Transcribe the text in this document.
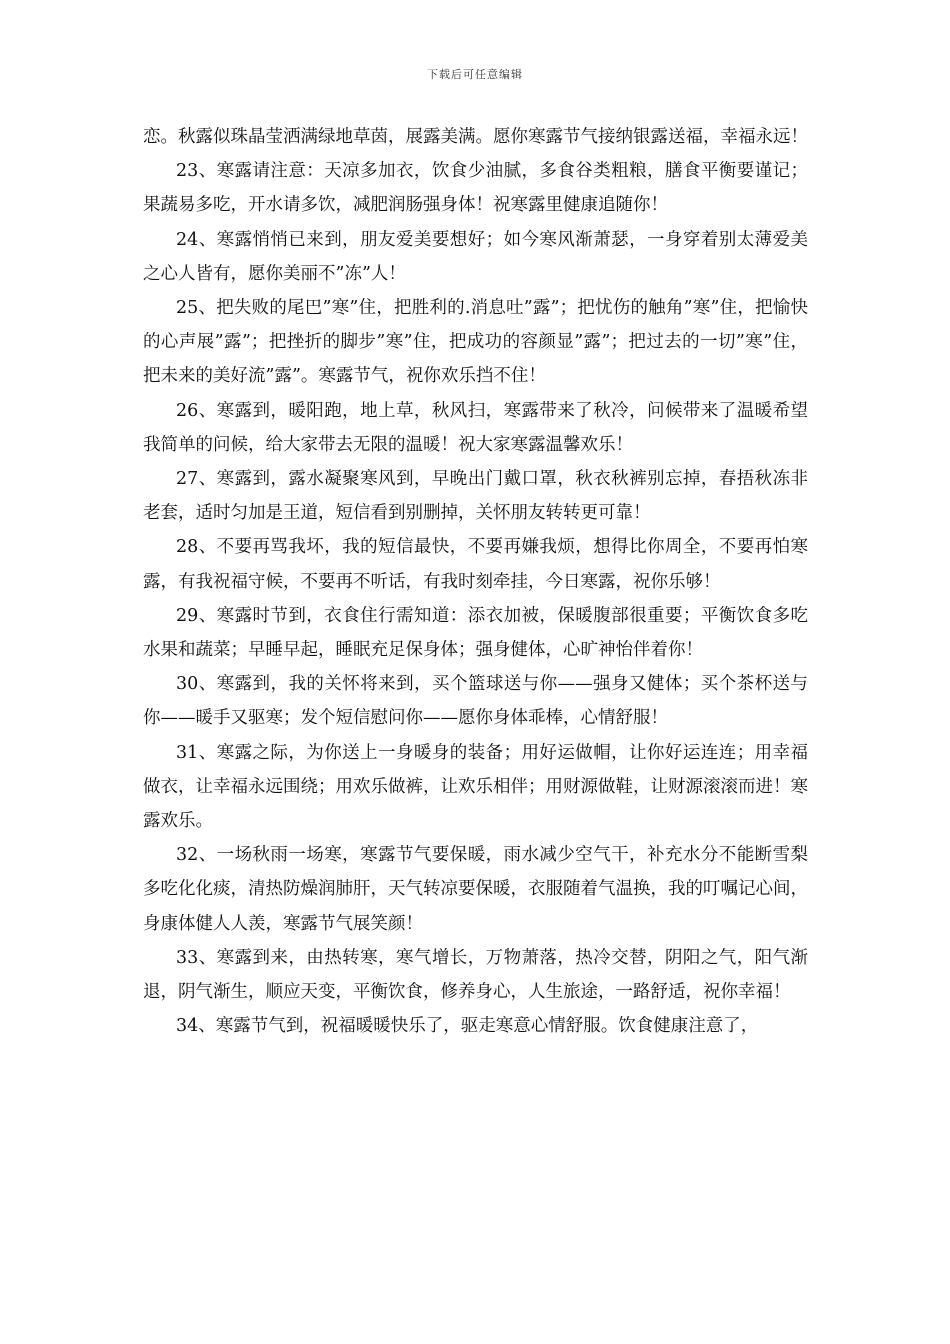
下载后可任意编辑

恋。秋露似珠晶莹洒满绿地草茵，展露美满。愿你寒露节气接纳银露送福，幸福永远！

23、寒露请注意：天凉多加衣，饮食少油腻，多食谷类粗粮，膳食平衡要谨记；果蔬易多吃，开水请多饮，减肥润肠强身体！祝寒露里健康追随你！

24、寒露悄悄已来到，朋友爱美要想好；如今寒风渐萧瑟，一身穿着别太薄爱美之心人皆有，愿你美丽不”冻”人！

25、把失败的尾巴”寒”住，把胜利的.消息吐”露”；把忧伤的触角”寒”住，把愉快的心声展”露”；把挫折的脚步”寒”住，把成功的容颜显”露”；把过去的一切”寒”住，把未来的美好流”露”。寒露节气，祝你欢乐挡不住！

26、寒露到，暖阳跑，地上草，秋风扫，寒露带来了秋冷，问候带来了温暖希望我简单的问候，给大家带去无限的温暖！祝大家寒露温馨欢乐！

27、寒露到，露水凝聚寒风到，早晚出门戴口罩，秋衣秋裤别忘掉，春捂秋冻非老套，适时匀加是王道，短信看到别删掉，关怀朋友转转更可靠！

28、不要再骂我坏，我的短信最快，不要再嫌我烦，想得比你周全，不要再怕寒露，有我祝福守候，不要再不听话，有我时刻牵挂，今日寒露，祝你乐够！

29、寒露时节到，衣食住行需知道：添衣加被，保暖腹部很重要；平衡饮食多吃水果和蔬菜；早睡早起，睡眠充足保身体；强身健体，心旷神怡伴着你！

30、寒露到，我的关怀将来到，买个篮球送与你——强身又健体；买个茶杯送与你——暖手又驱寒；发个短信慰问你——愿你身体乖棒，心情舒服！

31、寒露之际，为你送上一身暖身的装备；用好运做帽，让你好运连连；用幸福做衣，让幸福永远围绕；用欢乐做裤，让欢乐相伴；用财源做鞋，让财源滚滚而进！寒露欢乐。

32、一场秋雨一场寒，寒露节气要保暖，雨水减少空气干，补充水分不能断雪梨多吃化化痰，清热防燥润肺肝，天气转凉要保暖，衣服随着气温换，我的叮嘱记心间，身康体健人人羡，寒露节气展笑颜！

33、寒露到来，由热转寒，寒气增长，万物萧落，热冷交替，阴阳之气，阳气渐退，阴气渐生，顺应天变，平衡饮食，修养身心，人生旅途，一路舒适，祝你幸福！

34、寒露节气到，祝福暖暖快乐了，驱走寒意心情舒服。饮食健康注意了，
